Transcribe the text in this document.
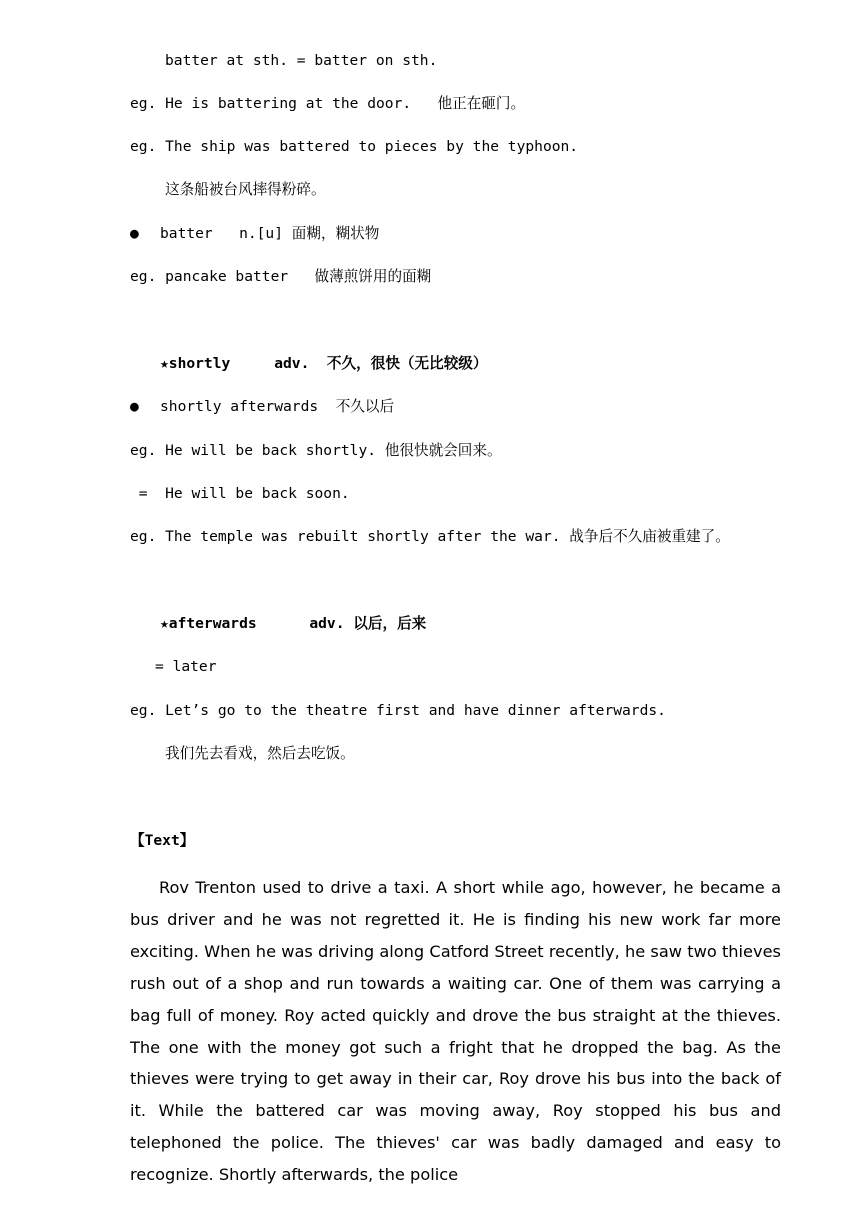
batter at sth. = batter on sth.
eg. He is battering at the door.   他正在砸门。
eg. The ship was battered to pieces by the typhoon.
这条船被台风摔得粉碎。
● batter   n.[u] 面糊，糊状物
eg. pancake batter   做薄煎饼用的面糊
★shortly     adv.  不久，很快（无比较级）
● shortly afterwards  不久以后
eg. He will be back shortly. 他很快就会回来。
=  He will be back soon.
eg. The temple was rebuilt shortly after the war. 战争后不久庙被重建了。
★afterwards      adv. 以后，后来
= later
eg. Let’s go to the theatre first and have dinner afterwards.
我们先去看戏，然后去吃饭。
【Text】

Rov Trenton used to drive a taxi. A short while ago, however, he became a bus driver and he was not regretted it. He is finding his new work far more exciting. When he was driving along Catford Street recently, he saw two thieves rush out of a shop and run towards a waiting car. One of them was carrying a bag full of money. Roy acted quickly and drove the bus straight at the thieves. The one with the money got such a fright that he dropped the bag. As the thieves were trying to get away in their car, Roy drove his bus into the back of it. While the battered car was moving away, Roy stopped his bus and telephoned the police. The thieves' car was badly damaged and easy to recognize. Shortly afterwards, the police
